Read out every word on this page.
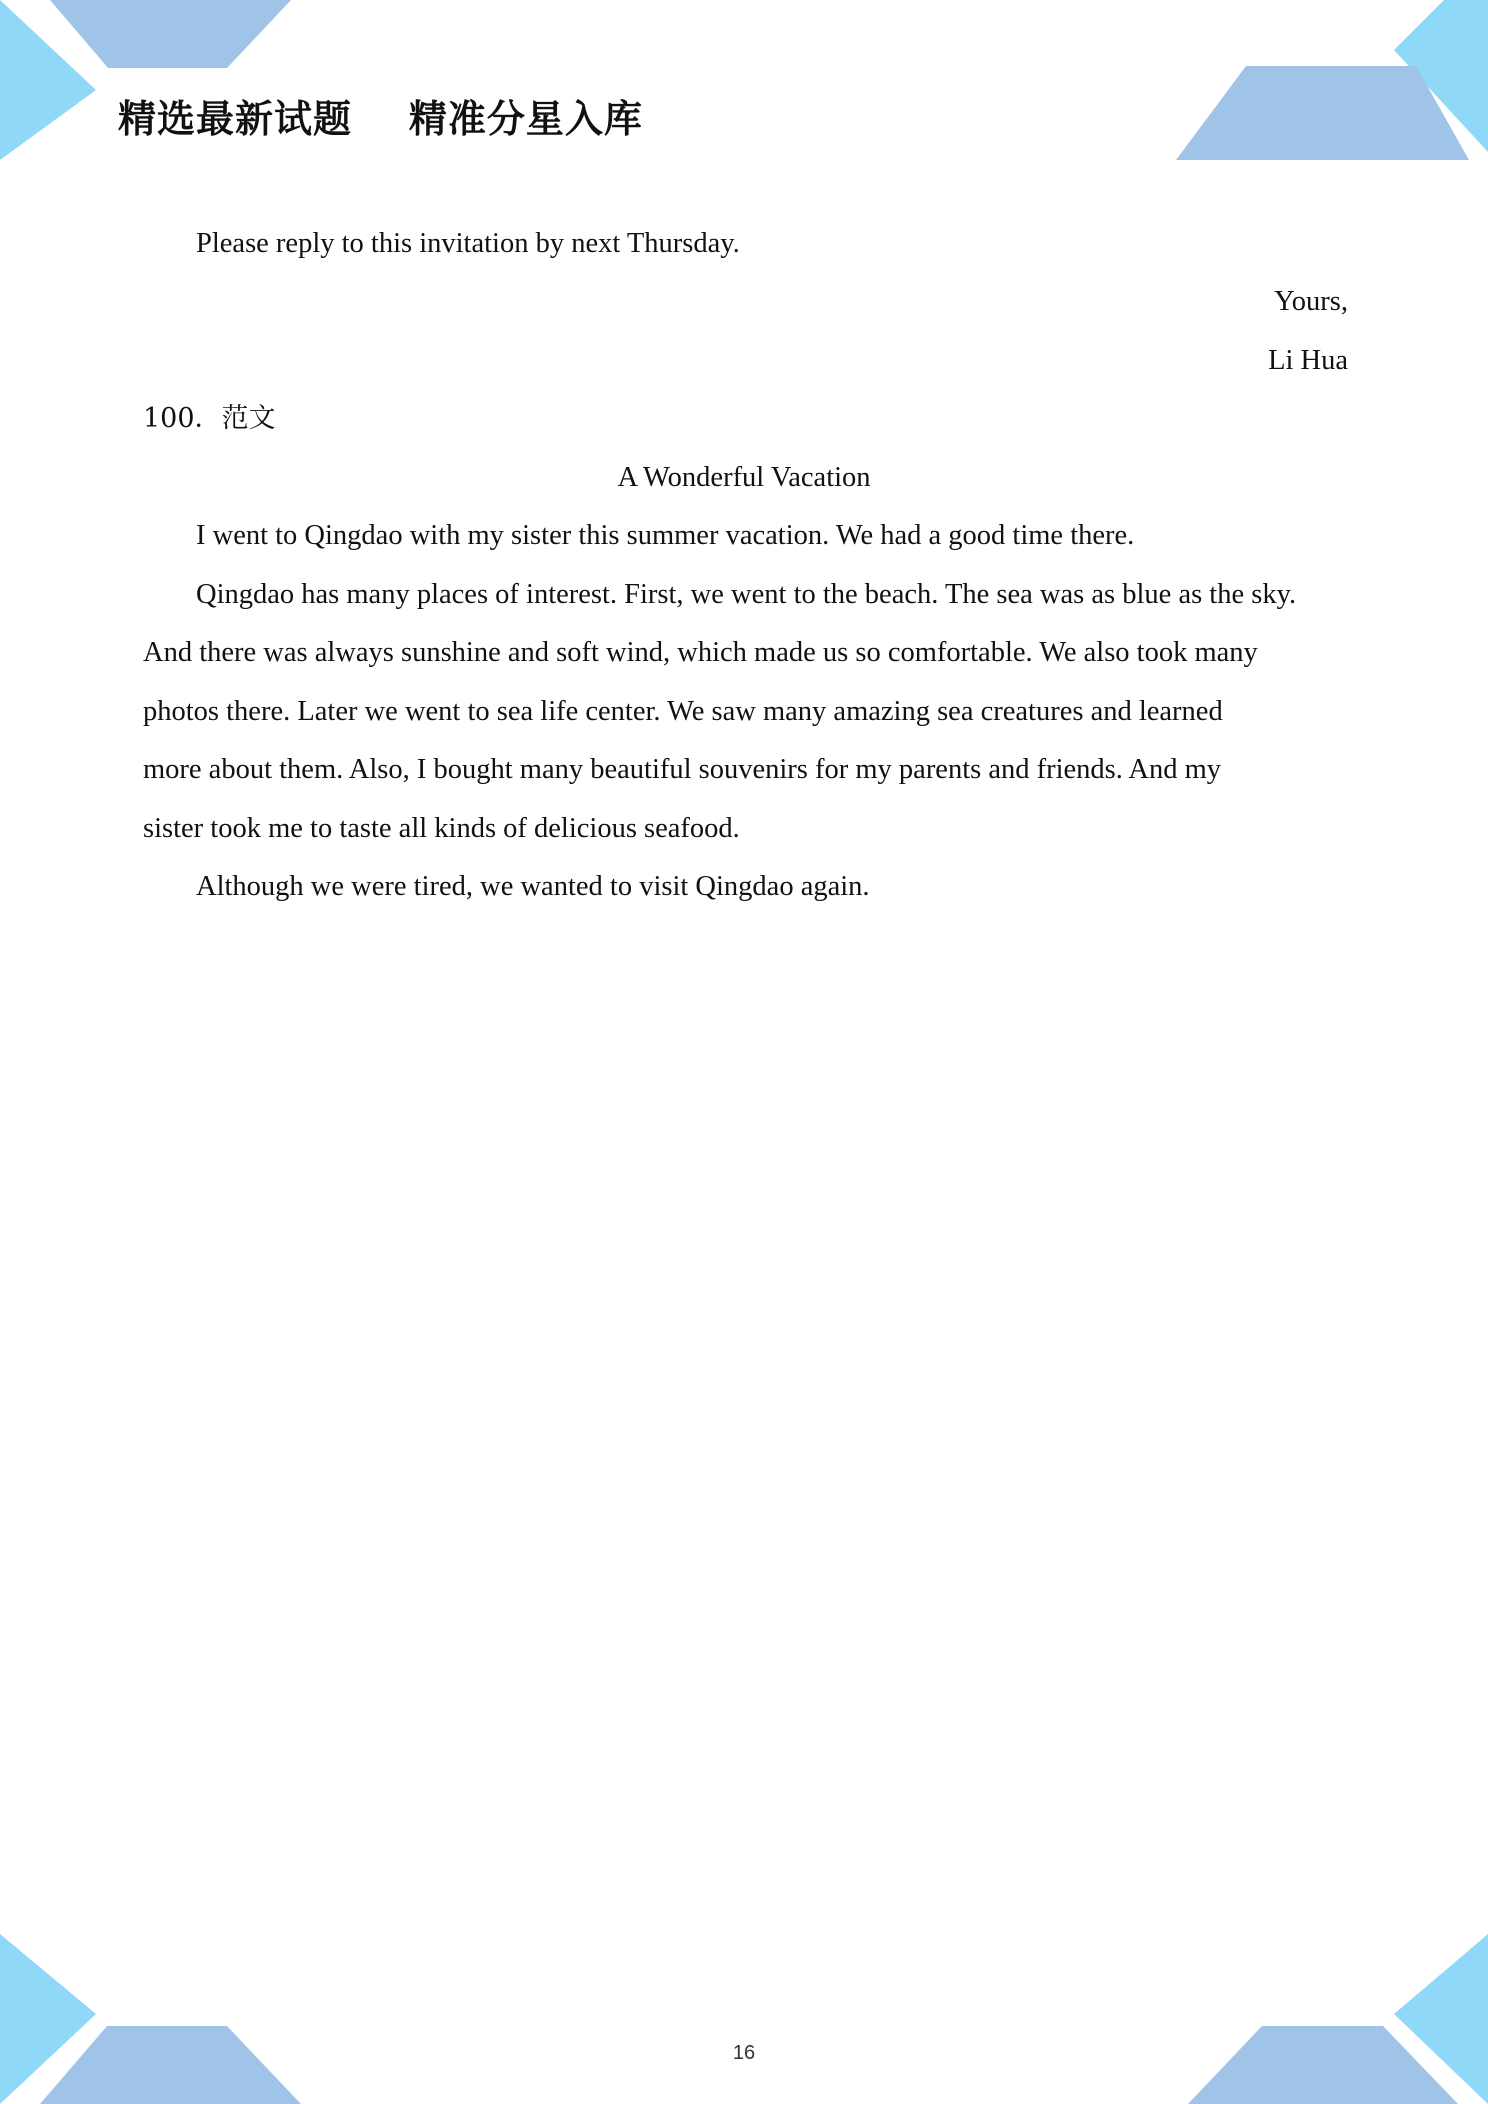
精选最新试题    精准分星入库

Please reply to this invitation by next Thursday.

Yours,

Li Hua

100．范文

A Wonderful Vacation

I went to Qingdao with my sister this summer vacation. We had a good time there.

Qingdao has many places of interest. First, we went to the beach. The sea was as blue as the sky.

And there was always sunshine and soft wind, which made us so comfortable. We also took many

photos there. Later we went to sea life center. We saw many amazing sea creatures and learned

more about them. Also, I bought many beautiful souvenirs for my parents and friends. And my

sister took me to taste all kinds of delicious seafood.

Although we were tired, we wanted to visit Qingdao again.

16
